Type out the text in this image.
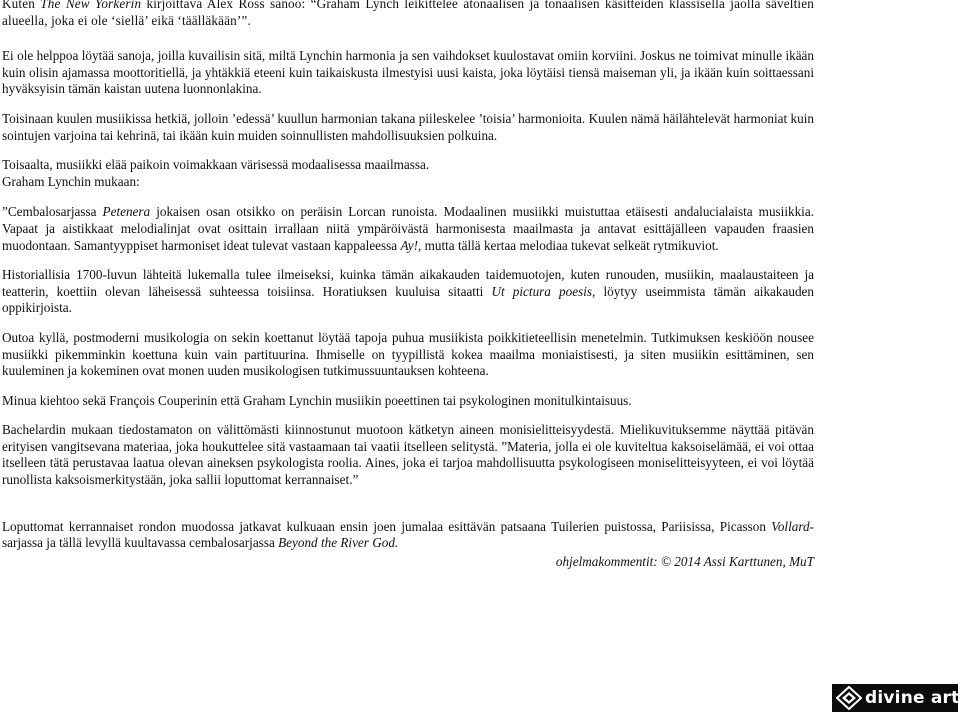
Kuten The New Yorkerin kirjoittava Alex Ross sanoo: “Graham Lynch leikittelee atonaalisen ja tonaalisen käsitteiden klassisella jaolla säveltien alueella, joka ei ole ‘siellä’ eikä ‘täälläkään’”.

Ei ole helppoa löytää sanoja, joilla kuvailisin sitä, miltä Lynchin harmonia ja sen vaihdokset kuulostavat omiin korviini. Joskus ne toimivat minulle ikään kuin olisin ajamassa moottoritiellä, ja yhtäkkiä eteeni kuin taikaiskusta ilmestyisi uusi kaista, joka löytäisi tiensä maiseman yli, ja ikään kuin soittaessani hyväksyisin tämän kaistan uutena luonnonlakina.

Toisinaan kuulen musiikissa hetkiä, jolloin ’edessä’ kuullun harmonian takana piileskelee ’toisia’ harmonioita. Kuulen nämä häilähtelevät harmoniat kuin sointujen varjoina tai kehrinä, tai ikään kuin muiden soinnullisten mahdollisuuksien polkuina.

Toisaalta, musiikki elää paikoin voimakkaan värisessä modaalisessa maailmassa.

Graham Lynchin mukaan:

”Cembalosarjassa Petenera jokaisen osan otsikko on peräisin Lorcan runoista. Modaalinen musiikki muistuttaa etäisesti andalucialaista musiikkia. Vapaat ja aistikkaat melodialinjat ovat osittain irrallaan niitä ympäröivästä harmonisesta maailmasta ja antavat esittäjälleen vapauden fraasien muodontaan. Samantyyppiset harmoniset ideat tulevat vastaan kappaleessa Ay!, mutta tällä kertaa melodiaa tukevat selkeät rytmikuviot.

Historiallisia 1700-luvun lähteitä lukemalla tulee ilmeiseksi, kuinka tämän aikakauden taidemuotojen, kuten runouden, musiikin, maalaustaiteen ja teatterin, koettiin olevan läheisessä suhteessa toisiinsa. Horatiuksen kuuluisa sitaatti Ut pictura poesis, löytyy useimmista tämän aikakauden oppikirjoista.

Outoa kyllä, postmoderni musikologia on sekin koettanut löytää tapoja puhua musiikista poikkitieteellisin menetelmin. Tutkimuksen keskiöön nousee musiikki pikemminkin koettuna kuin vain partituurina. Ihmiselle on tyypillistä kokea maailma moniaistisesti, ja siten musiikin esittäminen, sen kuuleminen ja kokeminen ovat monen uuden musikologisen tutkimussuuntauksen kohteena.

Minua kiehtoo sekä François Couperinin että Graham Lynchin musiikin poeettinen tai psykologinen monitulkintaisuus.

Bachelardin mukaan tiedostamaton on välittömästi kiinnostunut muotoon kätketyn aineen monisielitteisyydestä. Mielikuvituksemme näyttää pitävän erityisen vangitsevana materiaa, joka houkuttelee sitä vastaamaan tai vaatii itselleen selitystä. ”Materia, jolla ei ole kuviteltua kaksoiselämää, ei voi ottaa itselleen tätä perustavaa laatua olevan aineksen psykologista roolia. Aines, joka ei tarjoa mahdollisuutta psykologiseen moniselitteisyyteen, ei voi löytää runollista kaksoismerkitystään, joka sallii loputtomat kerrannaiset.”

Loputtomat kerrannaiset rondon muodossa jatkavat kulkuaan ensin joen jumalaa esittävän patsaana Tuilerien puistossa, Pariisissa, Picasson Vollard-sarjassa ja tällä levyllä kuultavassa cembalosarjassa Beyond the River God.

ohjelmakommentit: © 2014 Assi Karttunen, MuT
divine art
